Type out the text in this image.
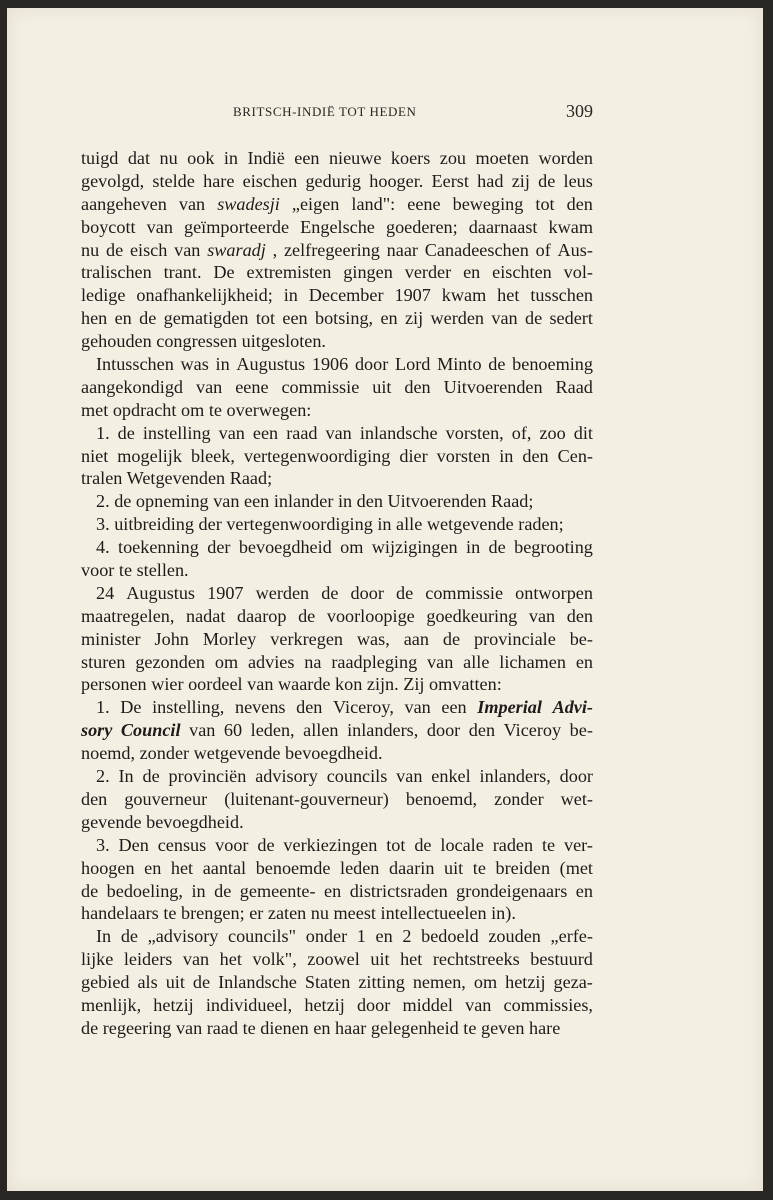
BRITSCH-INDIË TOT HEDEN	309
tuigd dat nu ook in Indië een nieuwe koers zou moeten worden
gevolgd, stelde hare eischen gedurig hooger. Eerst had zij de leus
aangeheven van swadesji „eigen land": eene beweging tot den
boycott van geïmporteerde Engelsche goederen; daarnaast kwam
nu de eisch van swaradj , zelfregeering naar Canadeeschen of Aus-
tralischen trant. De extremisten gingen verder en eischten vol-
ledige onafhankelijkheid; in December 1907 kwam het tusschen
hen en de gematigden tot een botsing, en zij werden van de sedert
gehouden congressen uitgesloten.
Intusschen was in Augustus 1906 door Lord Minto de benoeming
aangekondigd van eene commissie uit den Uitvoerenden Raad
met opdracht om te overwegen:
1. de instelling van een raad van inlandsche vorsten, of, zoo dit
niet mogelijk bleek, vertegenwoordiging dier vorsten in den Cen-
tralen Wetgevenden Raad;
2. de opneming van een inlander in den Uitvoerenden Raad;
3. uitbreiding der vertegenwoordiging in alle wetgevende raden;
4. toekenning der bevoegdheid om wijzigingen in de begrooting
voor te stellen.
24 Augustus 1907 werden de door de commissie ontworpen
maatregelen, nadat daarop de voorloopige goedkeuring van den
minister John Morley verkregen was, aan de provinciale be-
sturen gezonden om advies na raadpleging van alle lichamen en
personen wier oordeel van waarde kon zijn. Zij omvatten:
1. De instelling, nevens den Viceroy, van een Imperial Advi-
sory Council van 60 leden, allen inlanders, door den Viceroy be-
noemd, zonder wetgevende bevoegdheid.
2. In de provinciën advisory councils van enkel inlanders, door
den gouverneur (luitenant-gouverneur) benoemd, zonder wet-
gevende bevoegdheid.
3. Den census voor de verkiezingen tot de locale raden te ver-
hoogen en het aantal benoemde leden daarin uit te breiden (met
de bedoeling, in de gemeente- en districtsraden grondeigenaars en
handelaars te brengen; er zaten nu meest intellectueelen in).
In de „advisory councils" onder 1 en 2 bedoeld zouden „erfe-
lijke leiders van het volk", zoowel uit het rechtstreeks bestuurd
gebied als uit de Inlandsche Staten zitting nemen, om hetzij geza-
menlijk, hetzij individueel, hetzij door middel van commissies,
de regeering van raad te dienen en haar gelegenheid te geven hare
